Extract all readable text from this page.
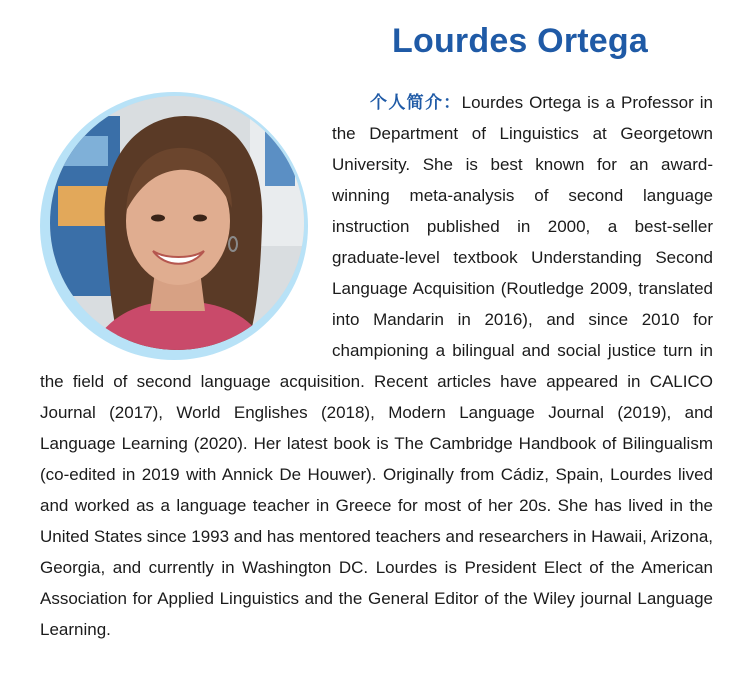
Lourdes Ortega

个人简介：Lourdes Ortega is a Professor in the Department of Linguistics at Georgetown University. She is best known for an award-winning meta-analysis of second language instruction published in 2000, a best-seller graduate-level textbook Understanding Second Language Acquisition (Routledge 2009, translated into Mandarin in 2016), and since 2010 for championing a bilingual and social justice turn in the field of second language acquisition. Recent articles have appeared in CALICO Journal (2017), World Englishes (2018), Modern Language Journal (2019), and Language Learning (2020). Her latest book is The Cambridge Handbook of Bilingualism (co-edited in 2019 with Annick De Houwer). Originally from Cádiz, Spain, Lourdes lived and worked as a language teacher in Greece for most of her 20s. She has lived in the United States since 1993 and has mentored teachers and researchers in Hawaii, Arizona, Georgia, and currently in Washington DC. Lourdes is President Elect of the American Association for Applied Linguistics and the General Editor of the Wiley journal Language Learning.
